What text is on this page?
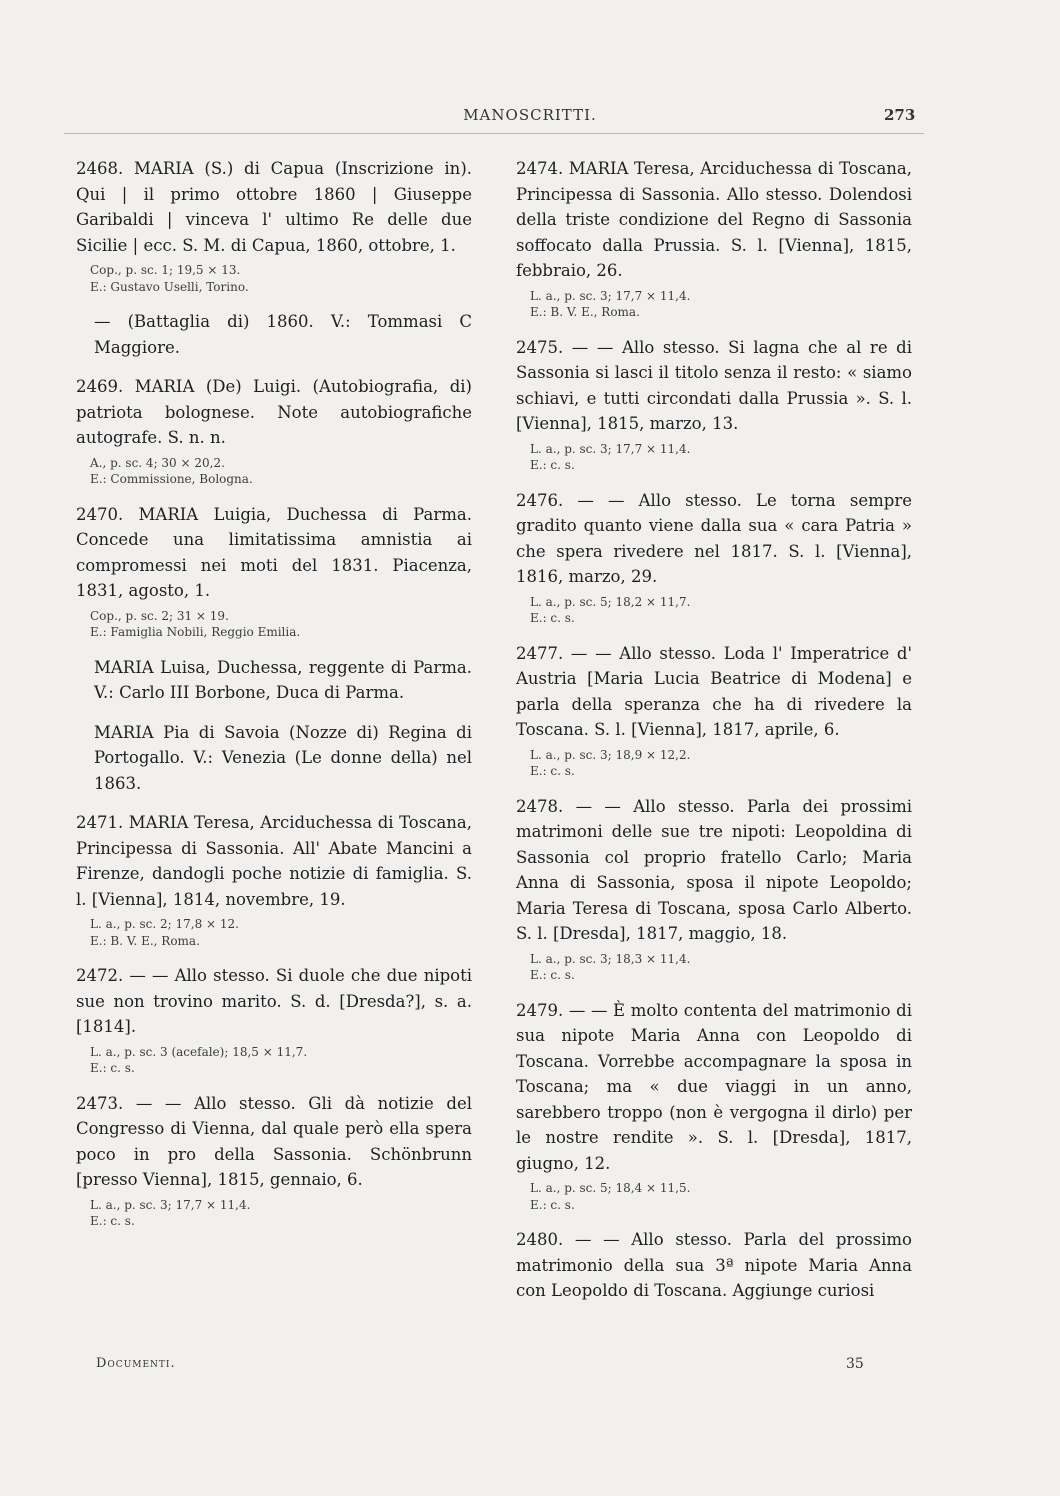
MANOSCRITTI.	273

2468. MARIA (S.) di Capua (Inscrizione in). Qui | il primo ottobre 1860 | Giuseppe Garibaldi | vinceva l' ultimo Re delle due Sicilie | ecc. S. M. di Capua, 1860, ottobre, 1.

Cop., p. sc. 1; 19,5 × 13.
E.: Gustavo Uselli, Torino.

— (Battaglia di) 1860. V.: Tommasi C Maggiore.

2469. MARIA (De) Luigi. (Autobiografia, di) patriota bolognese. Note autobiografiche autografe. S. n. n.

A., p. sc. 4; 30 × 20,2.
E.: Commissione, Bologna.

2470. MARIA Luigia, Duchessa di Parma. Concede una limitatissima amnistia ai compromessi nei moti del 1831. Piacenza, 1831, agosto, 1.

Cop., p. sc. 2; 31 × 19.
E.: Famiglia Nobili, Reggio Emilia.

MARIA Luisa, Duchessa, reggente di Parma. V.: Carlo III Borbone, Duca di Parma.

MARIA Pia di Savoia (Nozze di) Regina di Portogallo. V.: Venezia (Le donne della) nel 1863.

2471. MARIA Teresa, Arciduchessa di Toscana, Principessa di Sassonia. All' Abate Mancini a Firenze, dandogli poche notizie di famiglia. S. l. [Vienna], 1814, novembre, 19.

L. a., p. sc. 2; 17,8 × 12.
E.: B. V. E., Roma.

2472. — — Allo stesso. Si duole che due nipoti sue non trovino marito. S. d. [Dresda?], s. a. [1814].

L. a., p. sc. 3 (acefale); 18,5 × 11,7.
E.: c. s.

2473. — — Allo stesso. Gli dà notizie del Congresso di Vienna, dal quale però ella spera poco in pro della Sassonia. Schönbrunn [presso Vienna], 1815, gennaio, 6.

L. a., p. sc. 3; 17,7 × 11,4.
E.: c. s.

2474. MARIA Teresa, Arciduchessa di Toscana, Principessa di Sassonia. Allo stesso. Dolendosi della triste condizione del Regno di Sassonia soffocato dalla Prussia. S. l. [Vienna], 1815, febbraio, 26.

L. a., p. sc. 3; 17,7 × 11,4.
E.: B. V. E., Roma.

2475. — — Allo stesso. Si lagna che al re di Sassonia si lasci il titolo senza il resto: « siamo schiavi, e tutti circondati dalla Prussia ». S. l. [Vienna], 1815, marzo, 13.

L. a., p. sc. 3; 17,7 × 11,4.
E.: c. s.

2476. — — Allo stesso. Le torna sempre gradito quanto viene dalla sua « cara Patria » che spera rivedere nel 1817. S. l. [Vienna], 1816, marzo, 29.

L. a., p. sc. 5; 18,2 × 11,7.
E.: c. s.

2477. — — Allo stesso. Loda l' Imperatrice d' Austria [Maria Lucia Beatrice di Modena] e parla della speranza che ha di rivedere la Toscana. S. l. [Vienna], 1817, aprile, 6.

L. a., p. sc. 3; 18,9 × 12,2.
E.: c. s.

2478. — — Allo stesso. Parla dei prossimi matrimoni delle sue tre nipoti: Leopoldina di Sassonia col proprio fratello Carlo; Maria Anna di Sassonia, sposa il nipote Leopoldo; Maria Teresa di Toscana, sposa Carlo Alberto. S. l. [Dresda], 1817, maggio, 18.

L. a., p. sc. 3; 18,3 × 11,4.
E.: c. s.

2479. — — È molto contenta del matrimonio di sua nipote Maria Anna con Leopoldo di Toscana. Vorrebbe accompagnare la sposa in Toscana; ma « due viaggi in un anno, sarebbero troppo (non è vergogna il dirlo) per le nostre rendite ». S. l. [Dresda], 1817, giugno, 12.

L. a., p. sc. 5; 18,4 × 11,5.
E.: c. s.

2480. — — Allo stesso. Parla del prossimo matrimonio della sua 3ª nipote Maria Anna con Leopoldo di Toscana. Aggiunge curiosi

Documenti.	35
